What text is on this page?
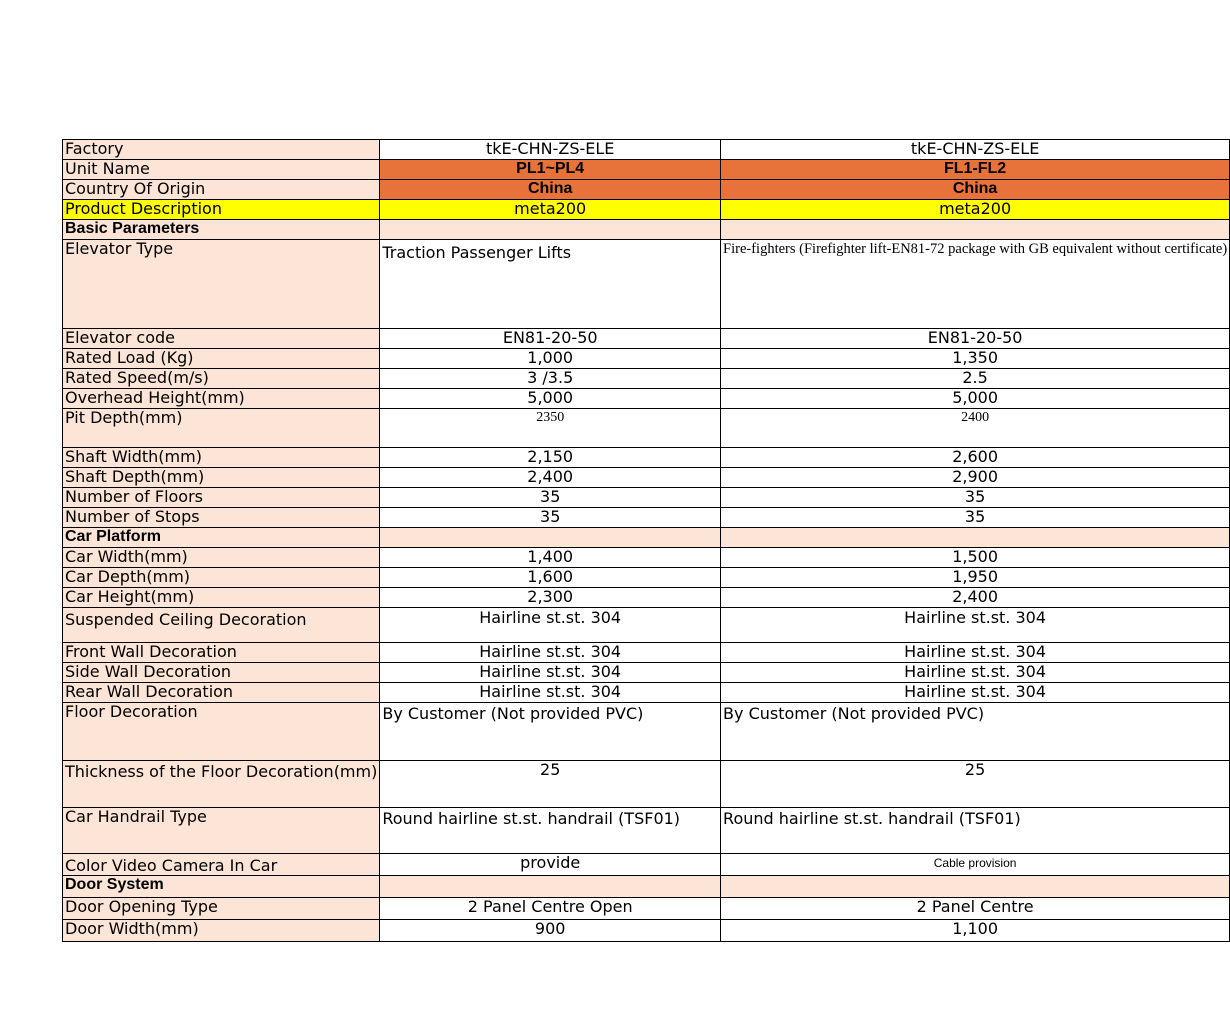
Factory	tkE-CHN-ZS-ELE	tkE-CHN-ZS-ELE
Unit Name	PL1~PL4	FL1-FL2
Country Of Origin	China	China
Product Description	meta200	meta200
Basic Parameters		
Elevator Type	Traction Passenger Lifts	Fire-fighters (Firefighter lift-EN81-72 package with GB equivalent without certificate)
Elevator code	EN81-20-50	EN81-20-50
Rated Load (Kg)	1,000	1,350
Rated Speed(m/s)	3 /3.5	2.5
Overhead Height(mm)	5,000	5,000
Pit Depth(mm)	2350	2400
Shaft Width(mm)	2,150	2,600
Shaft Depth(mm)	2,400	2,900
Number of Floors	35	35
Number of Stops	35	35
Car Platform		
Car Width(mm)	1,400	1,500
Car Depth(mm)	1,600	1,950
Car Height(mm)	2,300	2,400

Suspended Ceiling Decoration	Hairline st.st. 304	Hairline st.st. 304
Front Wall Decoration	Hairline st.st. 304	Hairline st.st. 304
Side Wall Decoration	Hairline st.st. 304	Hairline st.st. 304
Rear Wall Decoration	Hairline st.st. 304	Hairline st.st. 304
Floor Decoration	By Customer (Not provided PVC)	By Customer (Not provided PVC)
Thickness of the Floor Decoration(mm)	25	25
Car Handrail Type	Round hairline st.st. handrail (TSF01)	Round hairline st.st. handrail (TSF01)

Color Video Camera In Car	provide	Cable provision
Door System		
Door Opening Type	2 Panel Centre Open	2 Panel Centre
Door Width(mm)	900	1,100
